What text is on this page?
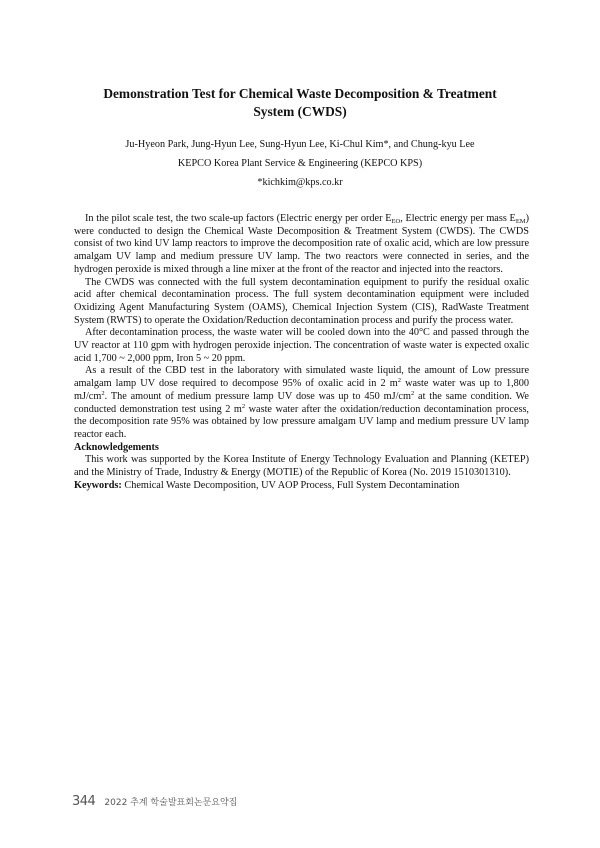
Demonstration Test for Chemical Waste Decomposition & Treatment System (CWDS)
Ju-Hyeon Park, Jung-Hyun Lee, Sung-Hyun Lee, Ki-Chul Kim*, and Chung-kyu Lee
KEPCO Korea Plant Service & Engineering (KEPCO KPS)
*kichkim@kps.co.kr

In the pilot scale test, the two scale-up factors (Electric energy per order $E_{EO}$, Electric energy per mass $E_{EM}$) were conducted to design the Chemical Waste Decomposition & Treatment System (CWDS). The CWDS consist of two kind UV lamp reactors to improve the decomposition rate of oxalic acid, which are low pressure amalgam UV lamp and medium pressure UV lamp. The two reactors were connected in series, and the hydrogen peroxide is mixed through a line mixer at the front of the reactor and injected into the reactors.

The CWDS was connected with the full system decontamination equipment to purify the residual oxalic acid after chemical decontamination process. The full system decontamination equipment were included Oxidizing Agent Manufacturing System (OAMS), Chemical Injection System (CIS), RadWaste Treatment System (RWTS) to operate the Oxidation/Reduction decontamination process and purify the process water.

After decontamination process, the waste water will be cooled down into the 40°C and passed through the UV reactor at 110 gpm with hydrogen peroxide injection. The concentration of waste water is expected oxalic acid 1,700 ~ 2,000 ppm, Iron 5 ~ 20 ppm.

As a result of the CBD test in the laboratory with simulated waste liquid, the amount of Low pressure amalgam lamp UV dose required to decompose 95% of oxalic acid in 2 $m^2$ waste water was up to 1,800 $mJ/cm^2$. The amount of medium pressure lamp UV dose was up to 450 $mJ/cm^2$ at the same condition. We conducted demonstration test using 2 $m^2$ waste water after the oxidation/reduction decontamination process, the decomposition rate 95% was obtained by low pressure amalgam UV lamp and medium pressure UV lamp reactor each.

Acknowledgements

This work was supported by the Korea Institute of Energy Technology Evaluation and Planning (KETEP) and the Ministry of Trade, Industry & Energy (MOTIE) of the Republic of Korea (No. 2019 1510301310).

Keywords: Chemical Waste Decomposition, UV AOP Process, Full System Decontamination

344 2022 추계 학술발표회논문요약집
